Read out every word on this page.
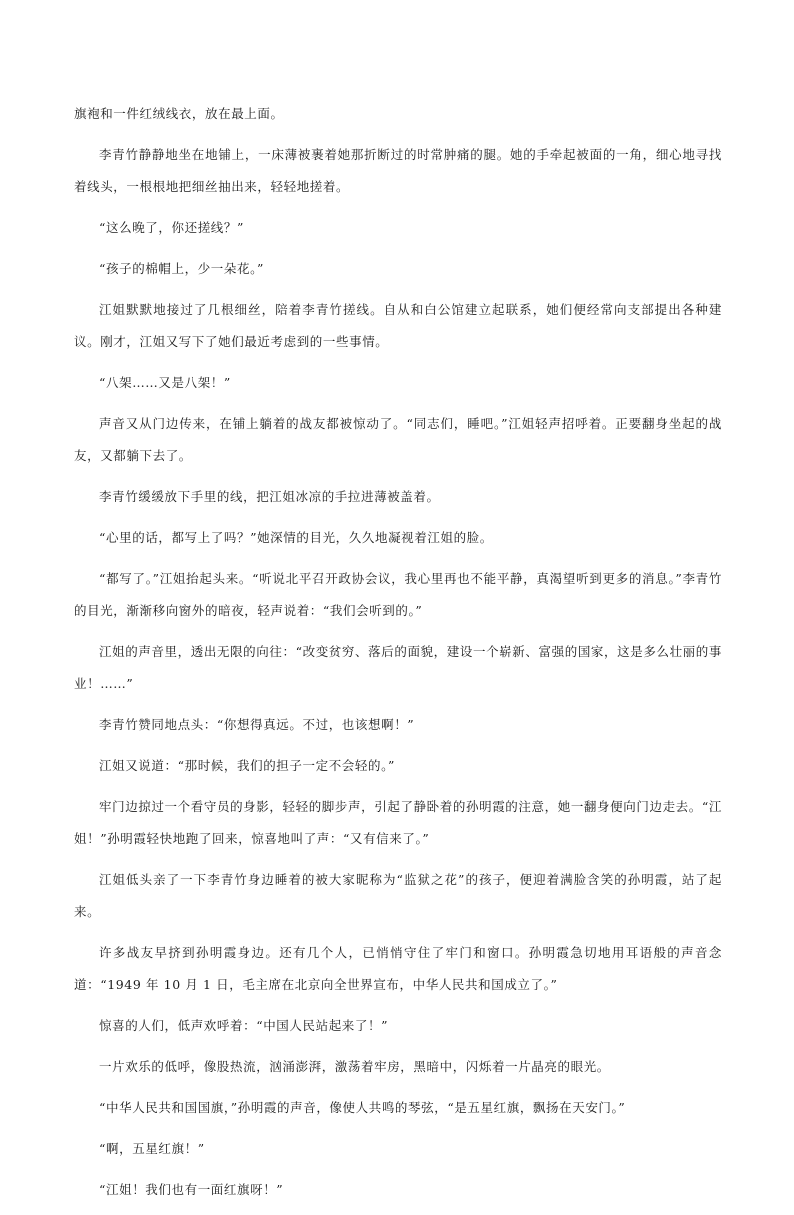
旗袍和一件红绒线衣，放在最上面。

李青竹静静地坐在地铺上，一床薄被裹着她那折断过的时常肿痛的腿。她的手牵起被面的一角，细心地寻找着线头，一根根地把细丝抽出来，轻轻地搓着。

“这么晚了，你还搓线？”

“孩子的棉帽上，少一朵花。”

江姐默默地接过了几根细丝，陪着李青竹搓线。自从和白公馆建立起联系，她们便经常向支部提出各种建议。刚才，江姐又写下了她们最近考虑到的一些事情。

“八架……又是八架！”

声音又从门边传来，在铺上躺着的战友都被惊动了。“同志们，睡吧。”江姐轻声招呼着。正要翻身坐起的战友，又都躺下去了。

李青竹缓缓放下手里的线，把江姐冰凉的手拉进薄被盖着。

“心里的话，都写上了吗？”她深情的目光，久久地凝视着江姐的脸。

“都写了。”江姐抬起头来。“听说北平召开政协会议，我心里再也不能平静，真渴望听到更多的消息。”李青竹的目光，渐渐移向窗外的暗夜，轻声说着：“我们会听到的。”

江姐的声音里，透出无限的向往：“改变贫穷、落后的面貌，建设一个崭新、富强的国家，这是多么壮丽的事业！……”

李青竹赞同地点头：“你想得真远。不过，也该想啊！”

江姐又说道：“那时候，我们的担子一定不会轻的。”

牢门边掠过一个看守员的身影，轻轻的脚步声，引起了静卧着的孙明霞的注意，她一翻身便向门边走去。“江姐！”孙明霞轻快地跑了回来，惊喜地叫了声：“又有信来了。”

江姐低头亲了一下李青竹身边睡着的被大家昵称为“监狱之花”的孩子，便迎着满脸含笑的孙明霞，站了起来。

许多战友早挤到孙明霞身边。还有几个人，已悄悄守住了牢门和窗口。孙明霞急切地用耳语般的声音念道：“1949 年 10 月 1 日，毛主席在北京向全世界宣布，中华人民共和国成立了。”

惊喜的人们，低声欢呼着：“中国人民站起来了！”

一片欢乐的低呼，像股热流，汹涌澎湃，激荡着牢房，黑暗中，闪烁着一片晶亮的眼光。

“中华人民共和国国旗，”孙明霞的声音，像使人共鸣的琴弦，“是五星红旗，飘扬在天安门。”

“啊，五星红旗！”

“江姐！我们也有一面红旗呀！”
